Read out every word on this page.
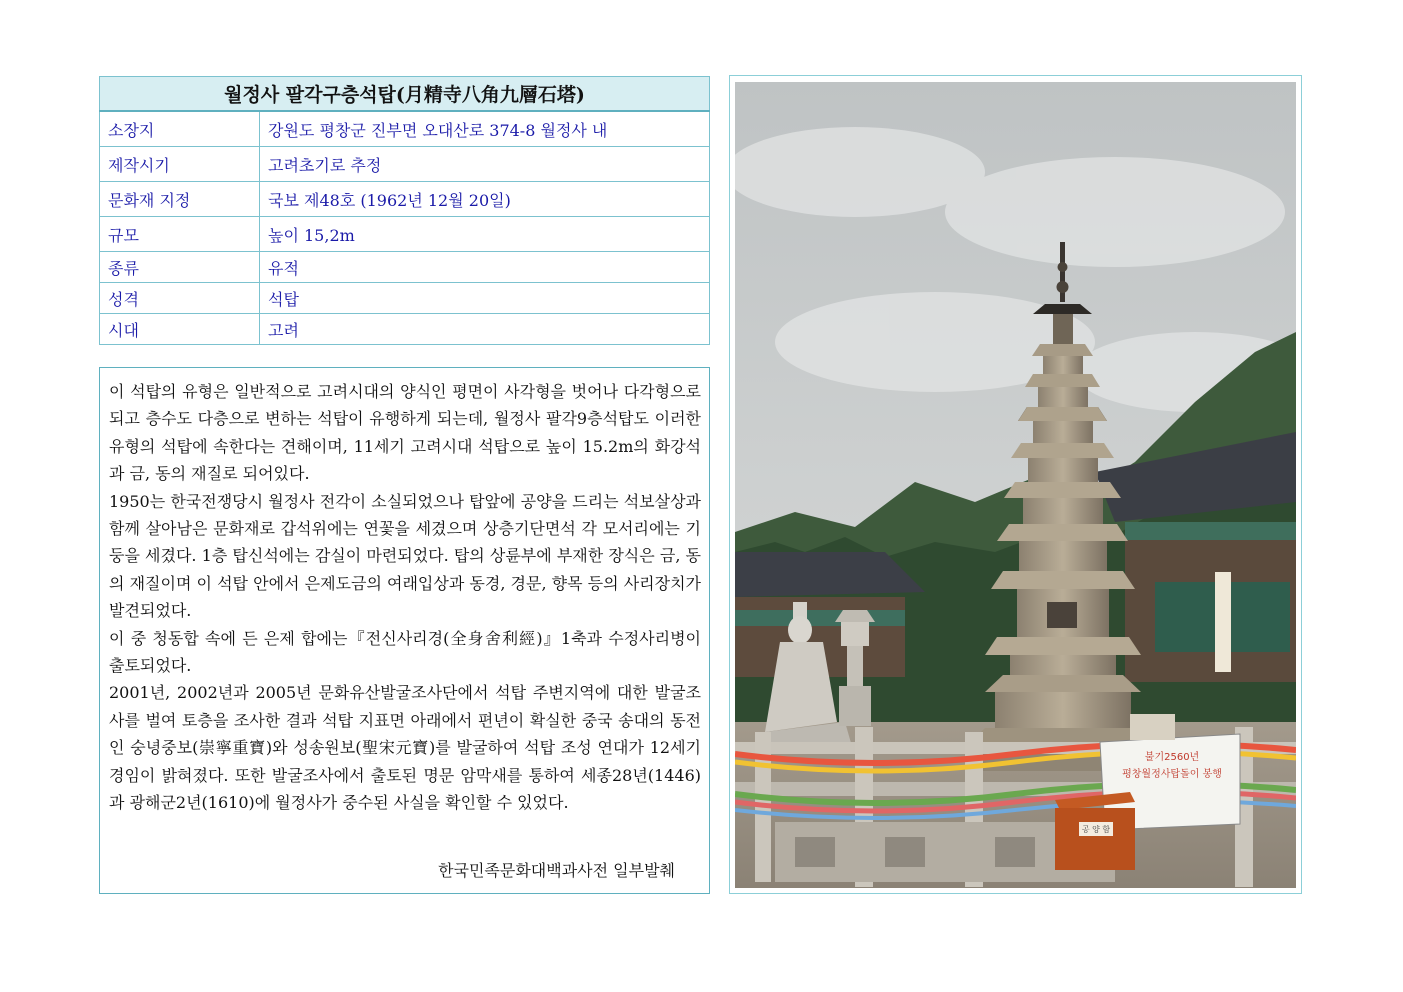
월정사 팔각구층석탑(月精寺八角九層石塔)	
소장지	강원도 평창군 진부면 오대산로 374-8 월정사 내
제작시기	고려초기로 추정
문화재 지정	국보 제48호 (1962년 12월 20일)
규모	높이 15,2m
종류	유적
성격	석탑
시대	고려

이 석탑의 유형은 일반적으로 고려시대의 양식인 평면이 사각형을 벗어나 다각형으로 되고 층수도 다층으로 변하는 석탑이 유행하게 되는데, 월정사 팔각9층석탑도 이러한 유형의 석탑에 속한다는 견해이며, 11세기 고려시대 석탑으로 높이 15.2m의 화강석과 금, 동의 재질로 되어있다.

1950는 한국전쟁당시 월정사 전각이 소실되었으나 탑앞에 공양을 드리는 석보살상과 함께 살아남은 문화재로 갑석위에는 연꽃을 세겼으며 상층기단면석 각 모서리에는 기둥을 세겼다. 1층 탑신석에는 감실이 마련되었다. 탑의 상륜부에 부재한 장식은 금, 동의 재질이며 이 석탑 안에서 은제도금의 여래입상과 동경, 경문, 향목 등의 사리장치가 발견되었다.

이 중 청동합 속에 든 은제 합에는『전신사리경(全身舍利經)』1축과 수정사리병이 출토되었다.

2001년, 2002년과 2005년 문화유산발굴조사단에서 석탑 주변지역에 대한 발굴조사를 벌여 토층을 조사한 결과 석탑 지표면 아래에서 편년이 확실한 중국 송대의 동전인 숭녕중보(崇寧重寶)와 성송원보(聖宋元寶)를 발굴하여 석탑 조성 연대가 12세기경임이 밝혀졌다. 또한 발굴조사에서 출토된 명문 암막새를 통하여 세종28년(1446)과 광해군2년(1610)에 월정사가 중수된 사실을 확인할 수 있었다.

한국민족문화대백과사전 일부발췌
불기2560년
평창월정사탑돌이 봉행
공 양 함
